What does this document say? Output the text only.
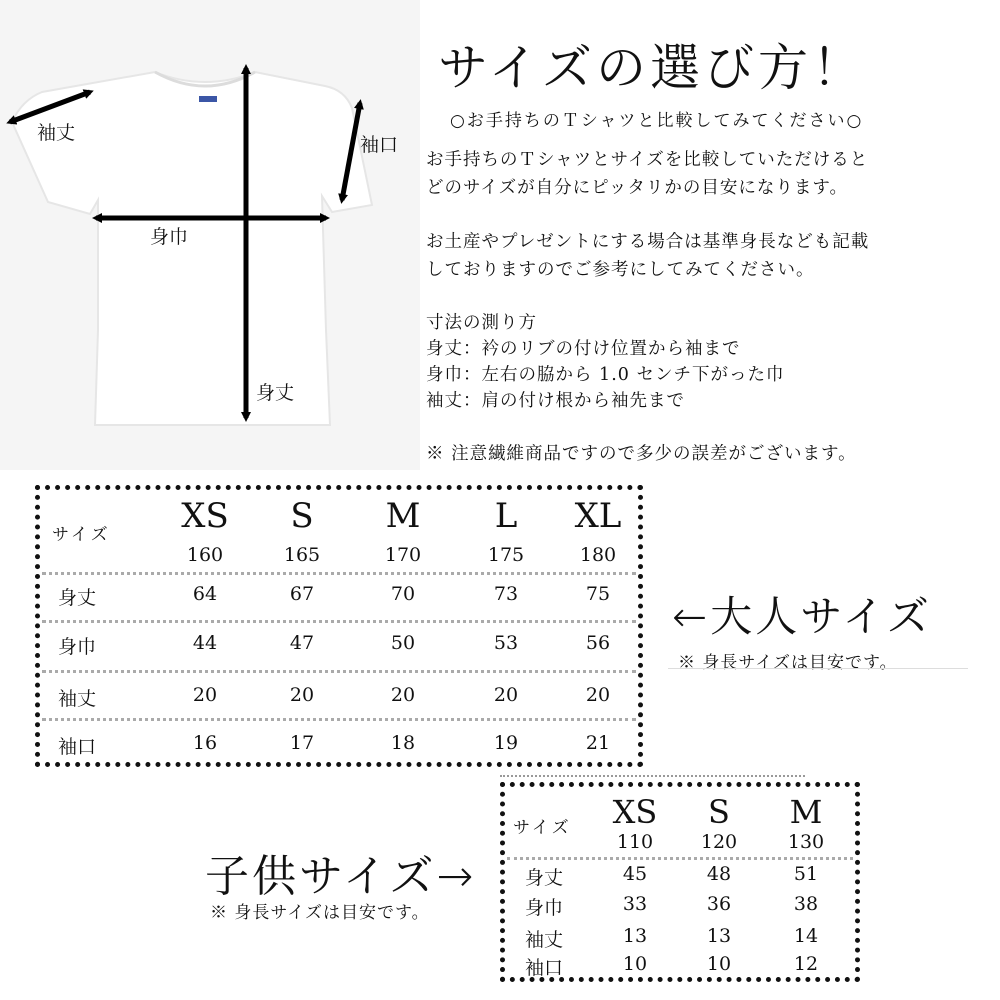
袖丈
袖口
身巾
身丈
サイズの選び方！
○お手持ちのＴシャツと比較してみてください○
お手持ちのＴシャツとサイズを比較していただけると
どのサイズが自分にピッタリかの目安になります。
お土産やプレゼントにする場合は基準身長なども記載
しておりますのでご参考にしてみてください。
寸法の測り方
身丈：衿のリブの付け位置から袖まで
身巾：左右の脇から 1.0 センチ下がった巾
袖丈：肩の付け根から袖先まで
※ 注意繊維商品ですので多少の誤差がございます。
サイズ XS	S	M	L	XL
160	165	170	175	180
身丈	64	67	70	73	75
身巾	44	47	50	53	56
袖丈	20	20	20	20	20
袖口	16	17	18	19	21
←大人サイズ
※ 身長サイズは目安です。
サイズ XS	S	M
110	120	130
身丈	45	48	51
身巾	33	36	38
袖丈	13	13	14
袖口	10	10	12
子供サイズ→
※ 身長サイズは目安です。
